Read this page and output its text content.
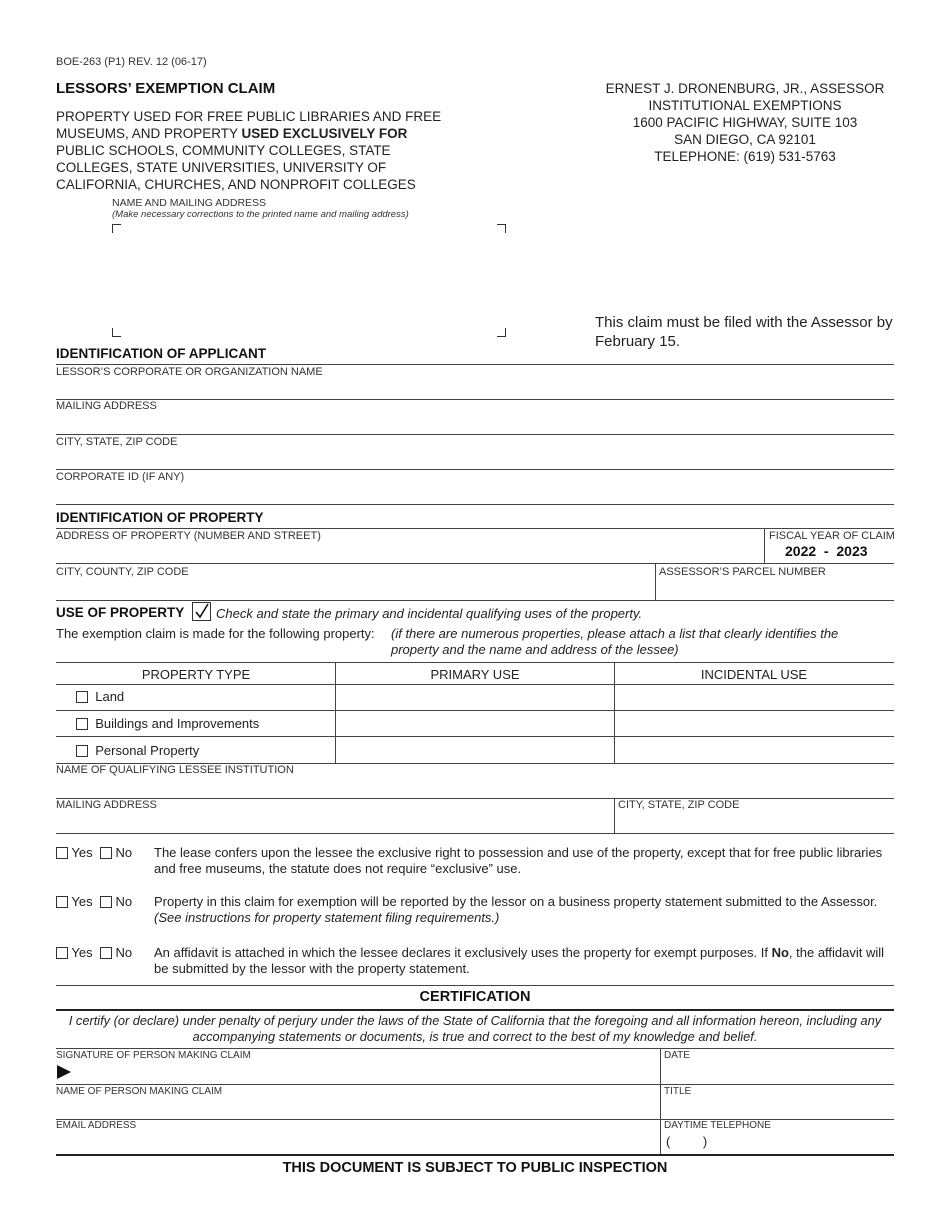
BOE-263 (P1) REV. 12 (06-17)
LESSORS’ EXEMPTION CLAIM
PROPERTY USED FOR FREE PUBLIC LIBRARIES AND FREE MUSEUMS, AND PROPERTY USED EXCLUSIVELY FOR PUBLIC SCHOOLS, COMMUNITY COLLEGES, STATE COLLEGES, STATE UNIVERSITIES, UNIVERSITY OF CALIFORNIA, CHURCHES, AND NONPROFIT COLLEGES
ERNEST J. DRONENBURG, JR., ASSESSOR
INSTITUTIONAL EXEMPTIONS
1600 PACIFIC HIGHWAY, SUITE 103
SAN DIEGO, CA 92101
TELEPHONE: (619) 531-5763
NAME AND MAILING ADDRESS
(Make necessary corrections to the printed name and mailing address)
This claim must be filed with the Assessor by February 15.
IDENTIFICATION OF APPLICANT
LESSOR’S CORPORATE OR ORGANIZATION NAME
MAILING ADDRESS
CITY, STATE, ZIP CODE
CORPORATE ID (IF ANY)
IDENTIFICATION OF PROPERTY
ADDRESS OF PROPERTY (NUMBER AND STREET)	FISCAL YEAR OF CLAIM
2022  -  2023
CITY, COUNTY, ZIP CODE	ASSESSOR’S PARCEL NUMBER
USE OF PROPERTY Check and state the primary and incidental qualifying uses of the property.
The exemption claim is made for the following property: (if there are numerous properties, please attach a list that clearly identifies the property and the name and address of the lessee)
PROPERTY TYPE	PRIMARY USE	INCIDENTAL USE
Land
Buildings and Improvements
Personal Property
NAME OF QUALIFYING LESSEE INSTITUTION
MAILING ADDRESS	CITY, STATE, ZIP CODE
Yes No The lease confers upon the lessee the exclusive right to possession and use of the property, except that for free public libraries and free museums, the statute does not require “exclusive” use.
Yes No Property in this claim for exemption will be reported by the lessor on a business property statement submitted to the Assessor.
(See instructions for property statement filing requirements.)
Yes No An affidavit is attached in which the lessee declares it exclusively uses the property for exempt purposes. If No, the affidavit will be submitted by the lessor with the property statement.
CERTIFICATION
I certify (or declare) under penalty of perjury under the laws of the State of California that the foregoing and all information hereon, including any accompanying statements or documents, is true and correct to the best of my knowledge and belief.
SIGNATURE OF PERSON MAKING CLAIM	DATE
NAME OF PERSON MAKING CLAIM	TITLE
EMAIL ADDRESS	DAYTIME TELEPHONE
(         )
THIS DOCUMENT IS SUBJECT TO PUBLIC INSPECTION
